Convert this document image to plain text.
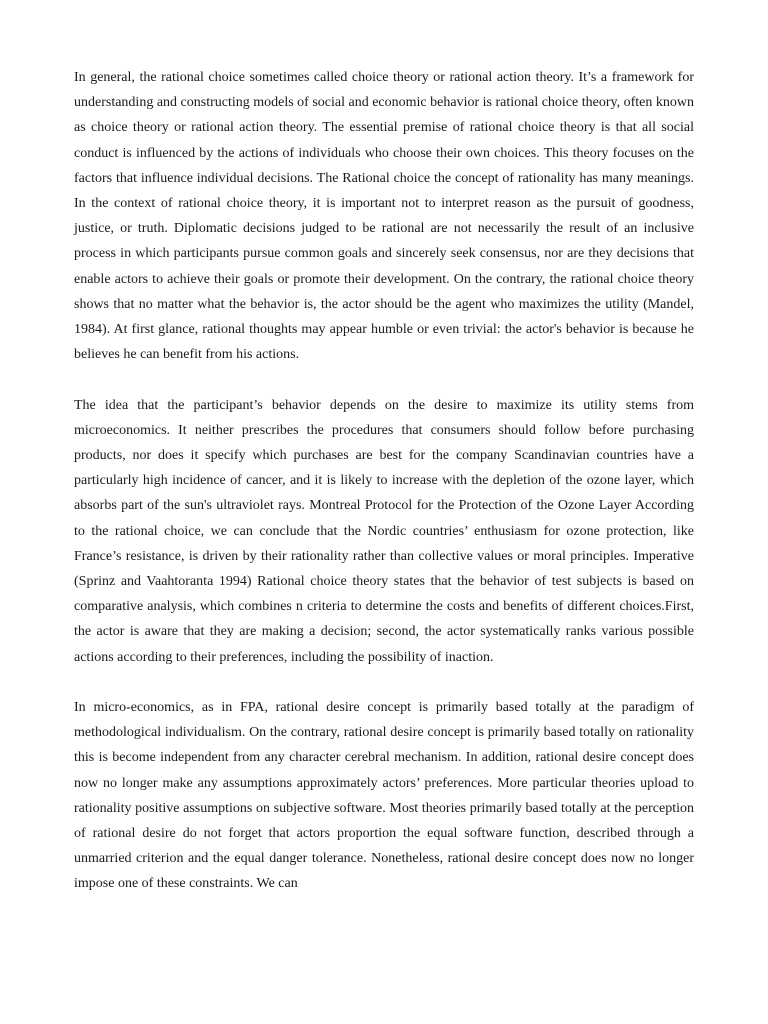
In general, the rational choice sometimes called choice theory or rational action theory. It’s a framework for understanding and constructing models of social and economic behavior is rational choice theory, often known as choice theory or rational action theory. The essential premise of rational choice theory is that all social conduct is influenced by the actions of individuals who choose their own choices. This theory focuses on the factors that influence individual decisions. The Rational choice the concept of rationality has many meanings. In the context of rational choice theory, it is important not to interpret reason as the pursuit of goodness, justice, or truth. Diplomatic decisions judged to be rational are not necessarily the result of an inclusive process in which participants pursue common goals and sincerely seek consensus, nor are they decisions that enable actors to achieve their goals or promote their development. On the contrary, the rational choice theory shows that no matter what the behavior is, the actor should be the agent who maximizes the utility (Mandel, 1984). At first glance, rational thoughts may appear humble or even trivial: the actor's behavior is because he believes he can benefit from his actions.

The idea that the participant’s behavior depends on the desire to maximize its utility stems from microeconomics. It neither prescribes the procedures that consumers should follow before purchasing products, nor does it specify which purchases are best for the company Scandinavian countries have a particularly high incidence of cancer, and it is likely to increase with the depletion of the ozone layer, which absorbs part of the sun's ultraviolet rays. Montreal Protocol for the Protection of the Ozone Layer According to the rational choice, we can conclude that the Nordic countries’ enthusiasm for ozone protection, like France’s resistance, is driven by their rationality rather than collective values or moral principles. Imperative (Sprinz and Vaahtoranta 1994) Rational choice theory states that the behavior of test subjects is based on comparative analysis, which combines n criteria to determine the costs and benefits of different choices.First, the actor is aware that they are making a decision; second, the actor systematically ranks various possible actions according to their preferences, including the possibility of inaction.

In micro-economics, as in FPA, rational desire concept is primarily based totally at the paradigm of methodological individualism. On the contrary, rational desire concept is primarily based totally on rationality this is become independent from any character cerebral mechanism. In addition, rational desire concept does now no longer make any assumptions approximately actors’ preferences. More particular theories upload to rationality positive assumptions on subjective software. Most theories primarily based totally at the perception of rational desire do not forget that actors proportion the equal software function, described through a unmarried criterion and the equal danger tolerance. Nonetheless, rational desire concept does now no longer impose one of these constraints. We can
